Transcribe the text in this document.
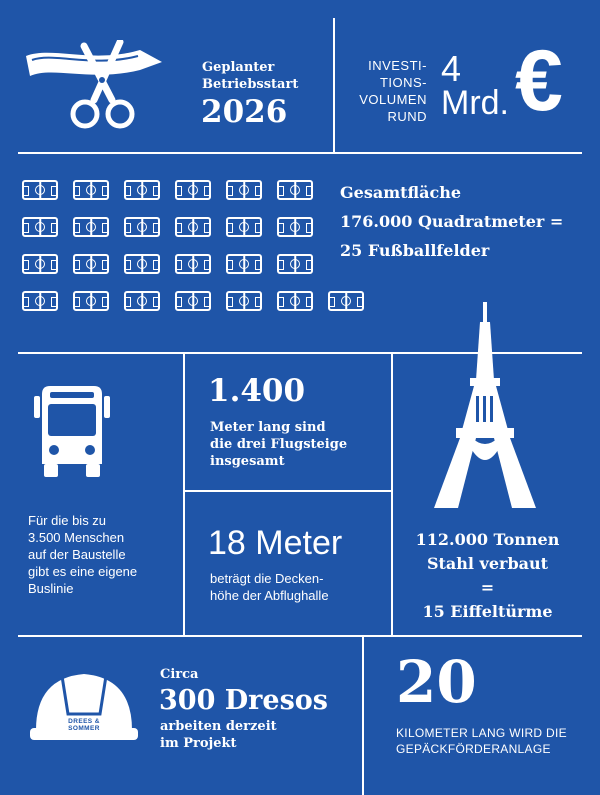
Geplanter
Betriebsstart
2026
INVESTI-
TIONS-
VOLUMEN
RUND
4
Mrd. €
Gesamtfläche
176.000 Quadratmeter =
25 Fußballfelder
Für die bis zu
3.500 Menschen
auf der Baustelle
gibt es eine eigene
Buslinie
1.400
Meter lang sind
die drei Flugsteige
insgesamt
18 Meter
beträgt die Decken-
höhe der Abflughalle
112.000 Tonnen
Stahl verbaut
=
15 Eiffeltürme
DREES &
SOMMER
Circa
300 Dresos
arbeiten derzeit
im Projekt
20
KILOMETER LANG WIRD DIE
GEPÄCKFÖRDERANLAGE
